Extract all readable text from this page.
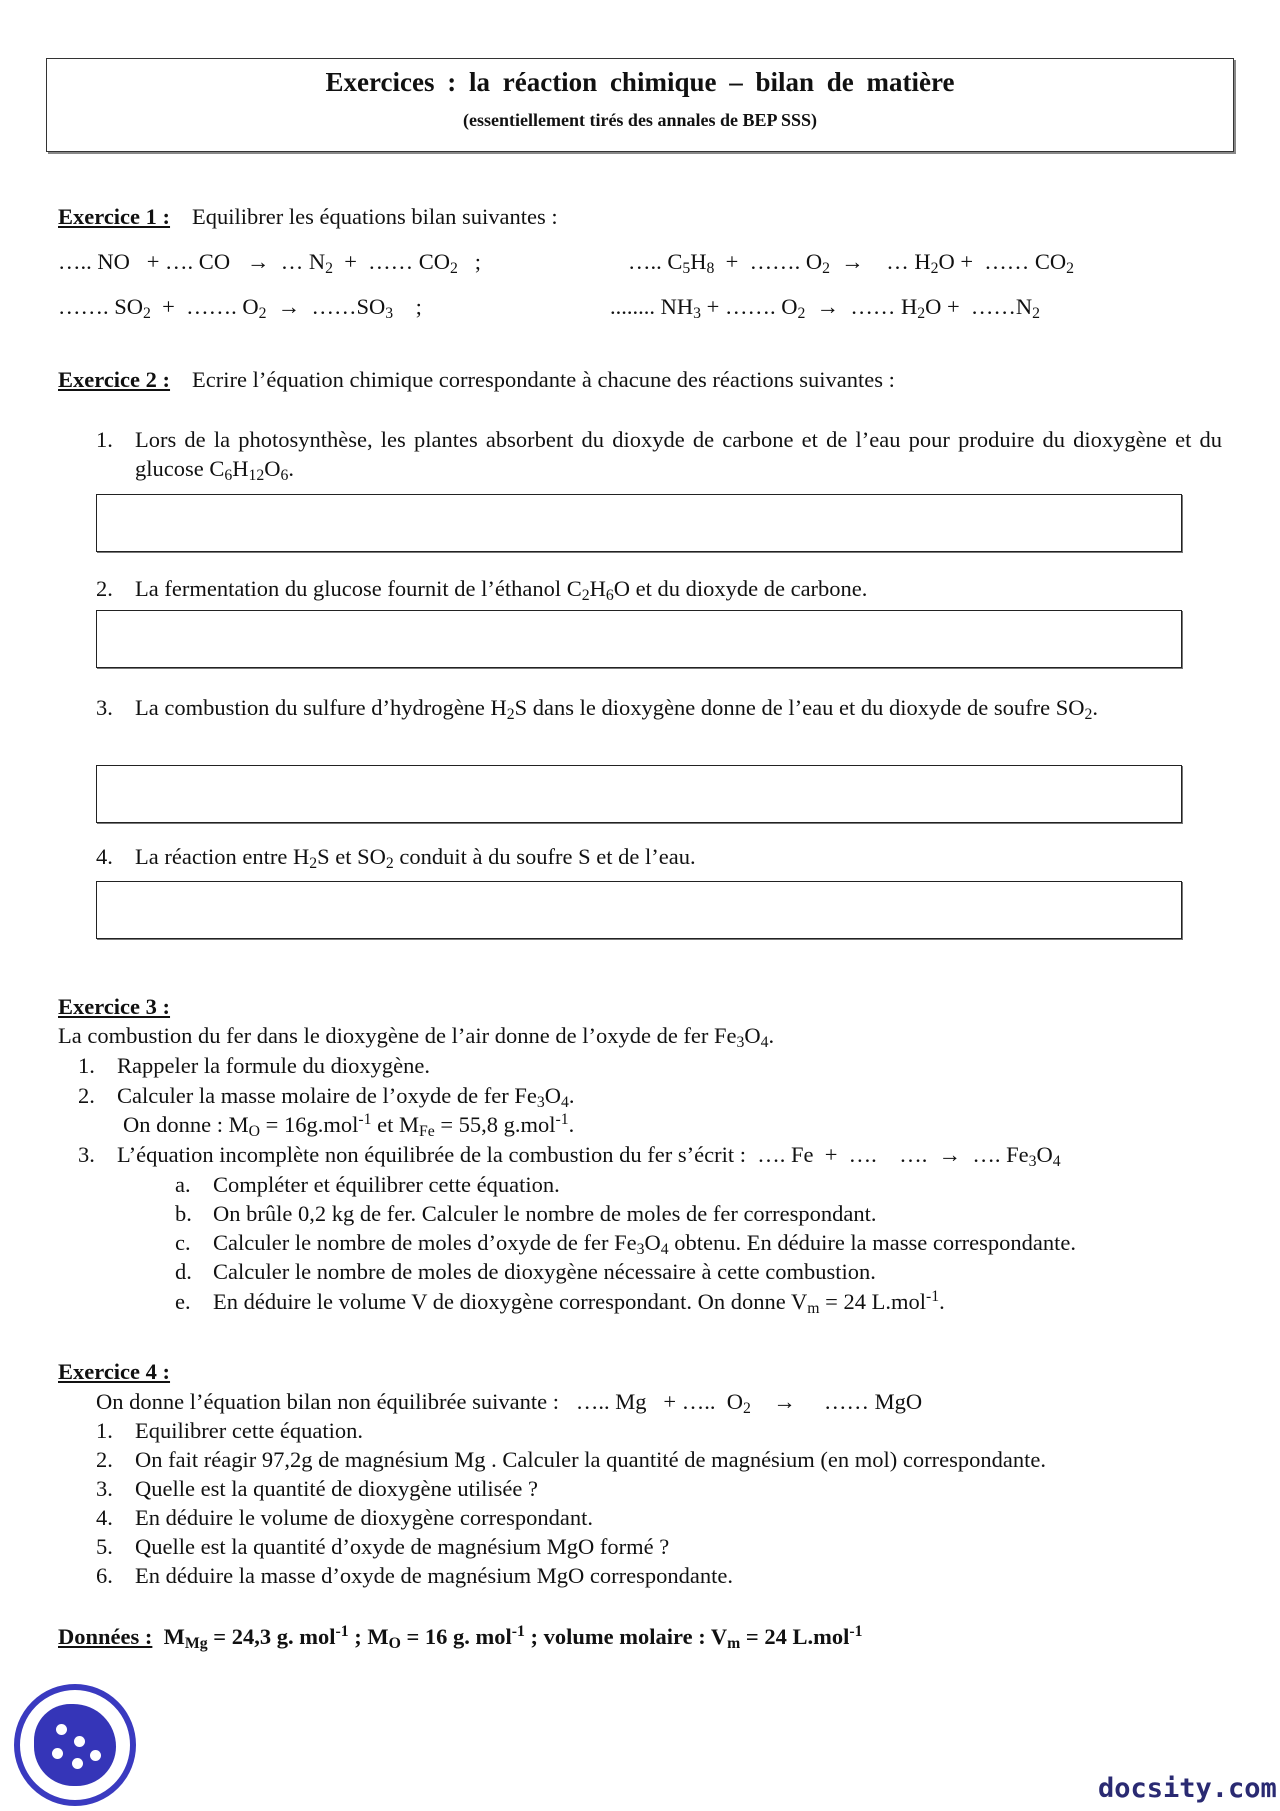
Exercices : la réaction chimique – bilan de matière
(essentiellement tirés des annales de BEP SSS)
Exercice 1 : Equilibrer les équations bilan suivantes :
….. NO   + …. CO   →  … $N_2$  +  …… $CO_2$   ;	….. $C_5H_8$  +  ……. $O_2$  →    … $H_2O$ +  …… $CO_2$
……. $SO_2$  +  ……. $O_2$  →  $\dots\dots SO_3$    ;	........ $NH_3$ + ……. $O_2$  →  …… $H_2O$ +  $\dots\dots N_2$
Exercice 2 : Ecrire l’équation chimique correspondante à chacune des réactions suivantes :
1. Lors de la photosynthèse, les plantes absorbent du dioxyde de carbone et de l’eau pour produire du dioxygène et du glucose $C_6H_{12}O_6$.
2. La fermentation du glucose fournit de l’éthanol $C_2H_6O$ et du dioxyde de carbone.
3. La combustion du sulfure d’hydrogène $H_2S$ dans le dioxygène donne de l’eau et du dioxyde de soufre $SO_2$.
4. La réaction entre $H_2S$ et $SO_2$ conduit à du soufre S et de l’eau.
Exercice 3 :
La combustion du fer dans le dioxygène de l’air donne de l’oxyde de fer $Fe_3O_4$.
1. Rappeler la formule du dioxygène.
2. Calculer la masse molaire de l’oxyde de fer $Fe_3O_4$.
On donne : $M_O = 16g.mol^{-1}$ et $M_{Fe} = 55,8$ g.mol$^{-1}$.
3. L’équation incomplète non équilibrée de la combustion du fer s’écrit :  …. Fe  +  ….    ….  →  …. $Fe_3O_4$
a. Compléter et équilibrer cette équation.
b. On brûle 0,2 kg de fer. Calculer le nombre de moles de fer correspondant.
c. Calculer le nombre de moles d’oxyde de fer $Fe_3O_4$ obtenu. En déduire la masse correspondante.
d. Calculer le nombre de moles de dioxygène nécessaire à cette combustion.
e. En déduire le volume V de dioxygène correspondant. On donne $V_m = 24$ L.mol$^{-1}$.
Exercice 4 :
On donne l’équation bilan non équilibrée suivante :   ….. Mg   + …..  $O_2$    →     …… MgO
1. Equilibrer cette équation.
2. On fait réagir 97,2g de magnésium Mg . Calculer la quantité de magnésium (en mol) correspondante.
3. Quelle est la quantité de dioxygène utilisée ?
4. En déduire le volume de dioxygène correspondant.
5. Quelle est la quantité d’oxyde de magnésium MgO formé ?
6. En déduire la masse d’oxyde de magnésium MgO correspondante.
Données :  $M_{Mg} = 24,3$ g. mol$^{-1}$ ; $M_O = 16$ g. mol$^{-1}$ ; volume molaire : $V_m = 24$ L.mol$^{-1}$
docsity.com
